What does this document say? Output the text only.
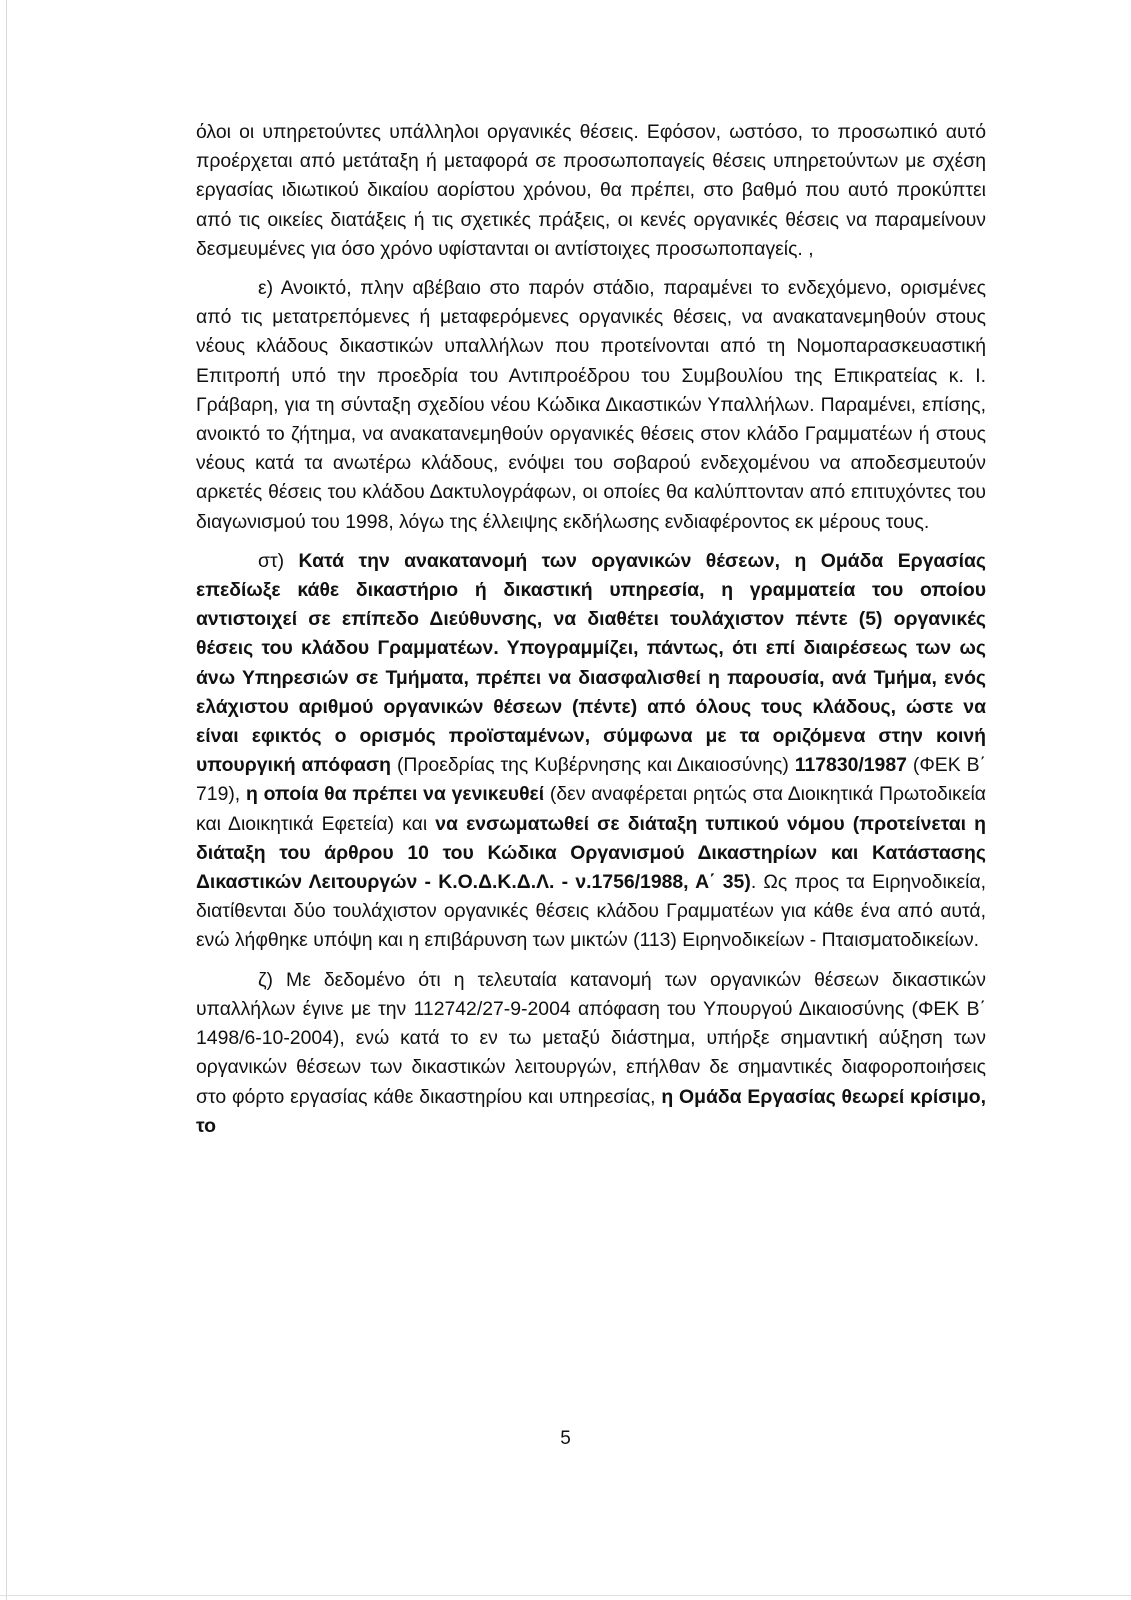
όλοι οι υπηρετούντες υπάλληλοι οργανικές θέσεις. Εφόσον, ωστόσο, το προσωπικό αυτό προέρχεται από μετάταξη ή μεταφορά σε προσωποπαγείς θέσεις υπηρετούντων με σχέση εργασίας ιδιωτικού δικαίου αορίστου χρόνου, θα πρέπει, στο βαθμό που αυτό προκύπτει από τις οικείες διατάξεις ή τις σχετικές πράξεις, οι κενές οργανικές θέσεις να παραμείνουν δεσμευμένες για όσο χρόνο υφίστανται οι αντίστοιχες προσωποπαγείς. ,

ε) Ανοικτό, πλην αβέβαιο στο παρόν στάδιο, παραμένει το ενδεχόμενο, ορισμένες από τις μετατρεπόμενες ή μεταφερόμενες οργανικές θέσεις, να ανακατανεμηθούν στους νέους κλάδους δικαστικών υπαλλήλων που προτείνονται από τη Νομοπαρασκευαστική Επιτροπή υπό την προεδρία του Αντιπροέδρου του Συμβουλίου της Επικρατείας κ. Ι. Γράβαρη, για τη σύνταξη σχεδίου νέου Κώδικα Δικαστικών Υπαλλήλων. Παραμένει, επίσης, ανοικτό το ζήτημα, να ανακατανεμηθούν οργανικές θέσεις στον κλάδο Γραμματέων ή στους νέους κατά τα ανωτέρω κλάδους, ενόψει του σοβαρού ενδεχομένου να αποδεσμευτούν αρκετές θέσεις του κλάδου Δακτυλογράφων, οι οποίες θα καλύπτονταν από επιτυχόντες του διαγωνισμού του 1998, λόγω της έλλειψης εκδήλωσης ενδιαφέροντος εκ μέρους τους.

στ) Κατά την ανακατανομή των οργανικών θέσεων, η Ομάδα Εργασίας επεδίωξε κάθε δικαστήριο ή δικαστική υπηρεσία, η γραμματεία του οποίου αντιστοιχεί σε επίπεδο Διεύθυνσης, να διαθέτει τουλάχιστον πέντε (5) οργανικές θέσεις του κλάδου Γραμματέων. Υπογραμμίζει, πάντως, ότι επί διαιρέσεως των ως άνω Υπηρεσιών σε Τμήματα, πρέπει να διασφαλισθεί η παρουσία, ανά Τμήμα, ενός ελάχιστου αριθμού οργανικών θέσεων (πέντε) από όλους τους κλάδους, ώστε να είναι εφικτός ο ορισμός προϊσταμένων, σύμφωνα με τα οριζόμενα στην κοινή υπουργική απόφαση (Προεδρίας της Κυβέρνησης και Δικαιοσύνης) 117830/1987 (ΦΕΚ Β΄ 719), η οποία θα πρέπει να γενικευθεί (δεν αναφέρεται ρητώς στα Διοικητικά Πρωτοδικεία και Διοικητικά Εφετεία) και να ενσωματωθεί σε διάταξη τυπικού νόμου (προτείνεται η διάταξη του άρθρου 10 του Κώδικα Οργανισμού Δικαστηρίων και Κατάστασης Δικαστικών Λειτουργών - Κ.Ο.Δ.Κ.Δ.Λ. - ν.1756/1988, Α΄ 35). Ως προς τα Ειρηνοδικεία, διατίθενται δύο τουλάχιστον οργανικές θέσεις κλάδου Γραμματέων για κάθε ένα από αυτά, ενώ λήφθηκε υπόψη και η επιβάρυνση των μικτών (113) Ειρηνοδικείων - Πταισματοδικείων.

ζ) Με δεδομένο ότι η τελευταία κατανομή των οργανικών θέσεων δικαστικών υπαλλήλων έγινε με την 112742/27-9-2004 απόφαση του Υπουργού Δικαιοσύνης (ΦΕΚ Β΄ 1498/6-10-2004), ενώ κατά το εν τω μεταξύ διάστημα, υπήρξε σημαντική αύξηση των οργανικών θέσεων των δικαστικών λειτουργών, επήλθαν δε σημαντικές διαφοροποιήσεις στο φόρτο εργασίας κάθε δικαστηρίου και υπηρεσίας, η Ομάδα Εργασίας θεωρεί κρίσιμο, το

5
